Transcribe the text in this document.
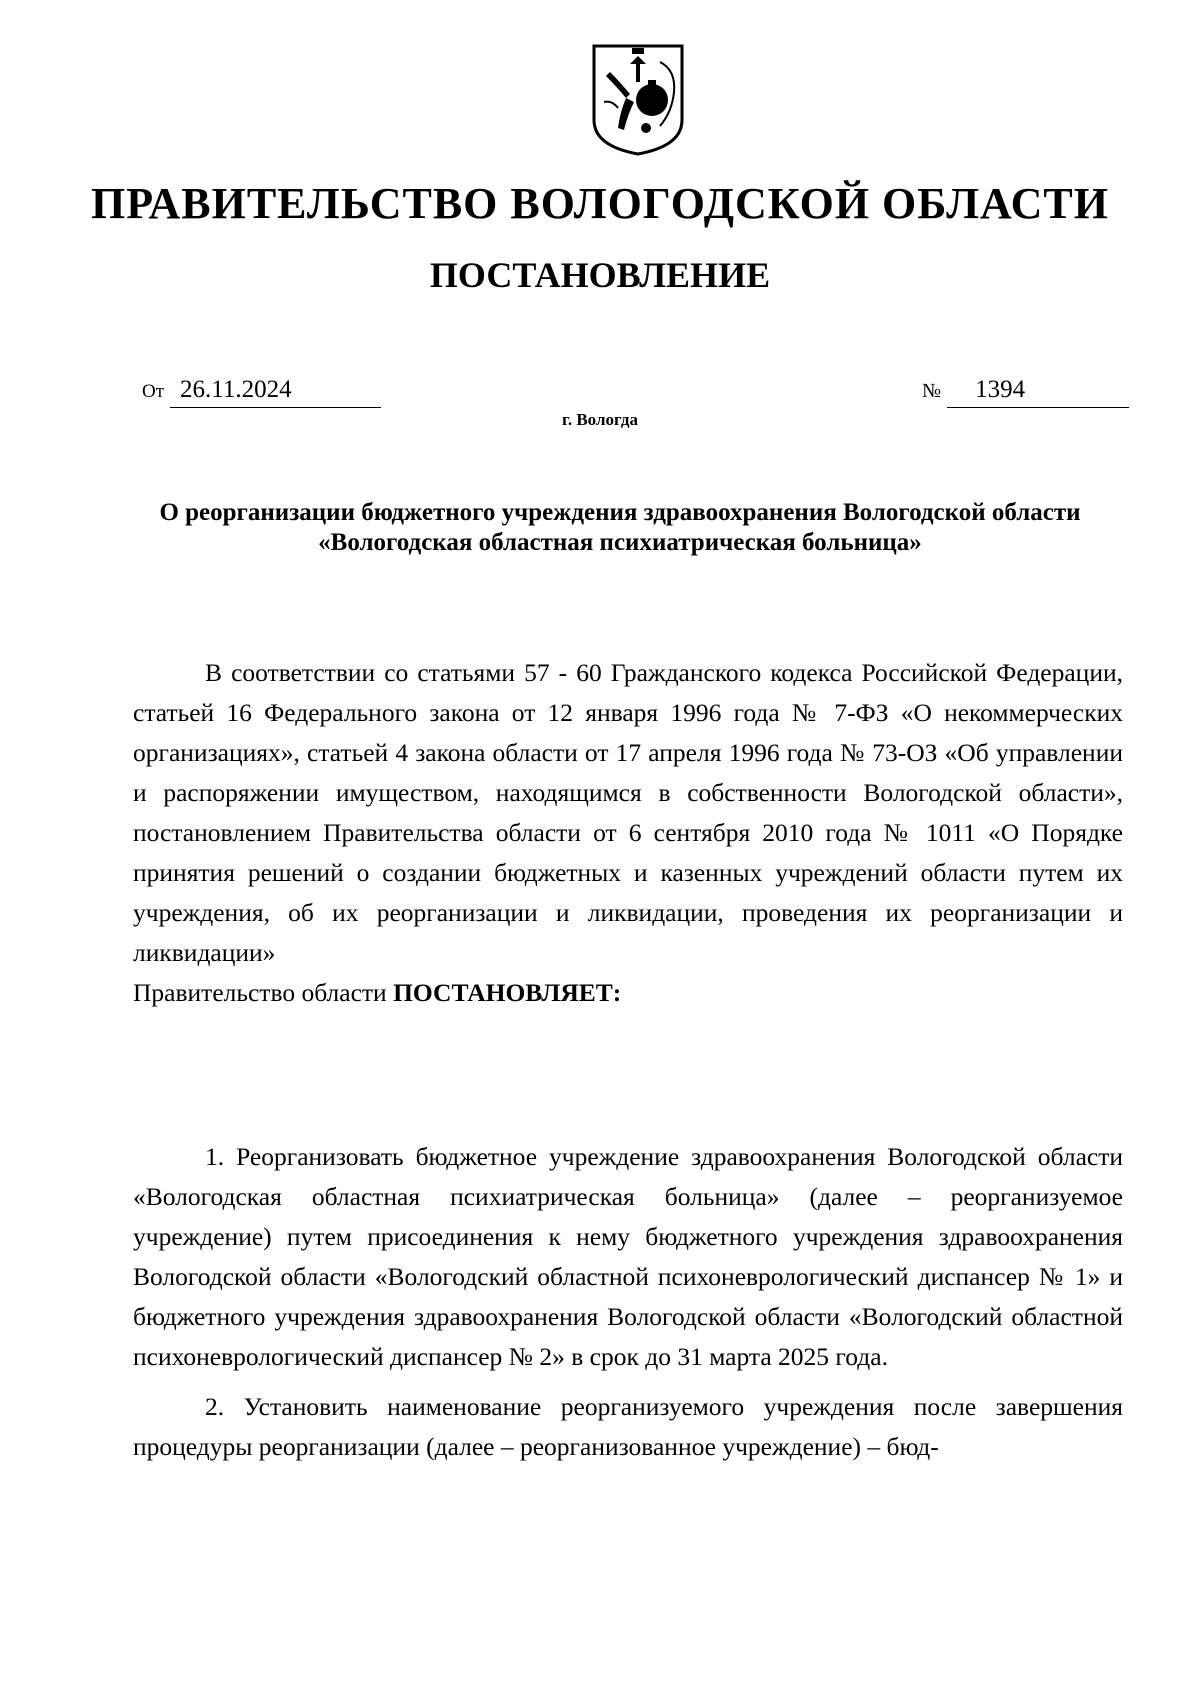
ПРАВИТЕЛЬСТВО ВОЛОГОДСКОЙ ОБЛАСТИ
ПОСТАНОВЛЕНИЕ
От 26.11.2024	№ 1394
г. Вологда
О реорганизации бюджетного учреждения здравоохранения Вологодской области «Вологодская областная психиатрическая больница»

В соответствии со статьями 57 - 60 Гражданского кодекса Российской Федерации, статьей 16 Федерального закона от 12 января 1996 года № 7-ФЗ «О некоммерческих организациях», статьей 4 закона области от 17 апреля 1996 года № 73-ОЗ «Об управлении и распоряжении имуществом, находящимся в собственности Вологодской области», постановлением Правительства области от 6 сентября 2010 года № 1011 «О Порядке принятия решений о создании бюджетных и казенных учреждений области путем их учреждения, об их реорганизации и ликвидации, проведения их реорганизации и ликвидации»

Правительство области ПОСТАНОВЛЯЕТ:

1. Реорганизовать бюджетное учреждение здравоохранения Вологодской области «Вологодская областная психиатрическая больница» (далее – реорганизуемое учреждение) путем присоединения к нему бюджетного учреждения здравоохранения Вологодской области «Вологодский областной психоневрологический диспансер № 1» и бюджетного учреждения здравоохранения Вологодской области «Вологодский областной психоневрологический диспансер № 2» в срок до 31 марта 2025 года.

2. Установить наименование реорганизуемого учреждения после завершения процедуры реорганизации (далее – реорганизованное учреждение) – бюд-
